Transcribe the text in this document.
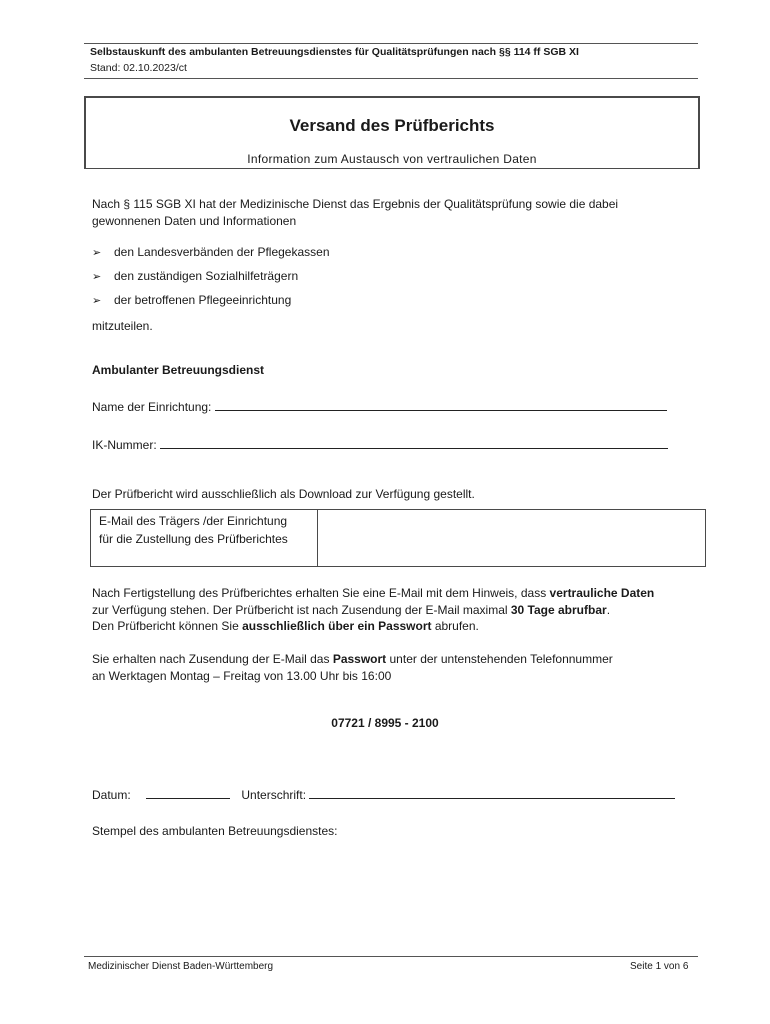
Selbstauskunft des ambulanten Betreuungsdienstes für Qualitätsprüfungen nach §§ 114 ff SGB XI
Stand: 02.10.2023/ct
Versand des Prüfberichts
Information zum Austausch von vertraulichen Daten
Nach § 115 SGB XI hat der Medizinische Dienst das Ergebnis der Qualitätsprüfung sowie die dabei
gewonnenen Daten und Informationen
➢ den Landesverbänden der Pflegekassen
➢ den zuständigen Sozialhilfeträgern
➢ der betroffenen Pflegeeinrichtung
mitzuteilen.
Ambulanter Betreuungsdienst
Name der Einrichtung:
IK-Nummer:
Der Prüfbericht wird ausschließlich als Download zur Verfügung gestellt.
E-Mail des Trägers /der Einrichtung
für die Zustellung des Prüfberichtes
Nach Fertigstellung des Prüfberichtes erhalten Sie eine E-Mail mit dem Hinweis, dass vertrauliche Daten
zur Verfügung stehen. Der Prüfbericht ist nach Zusendung der E-Mail maximal 30 Tage abrufbar.
Den Prüfbericht können Sie ausschließlich über ein Passwort abrufen.
Sie erhalten nach Zusendung der E-Mail das Passwort unter der untenstehenden Telefonnummer
an Werktagen Montag – Freitag von 13.00 Uhr bis 16:00
07721 / 8995 - 2100
Datum:	Unterschrift:
Stempel des ambulanten Betreuungsdienstes:
Medizinischer Dienst Baden-Württemberg	Seite 1 von 6
